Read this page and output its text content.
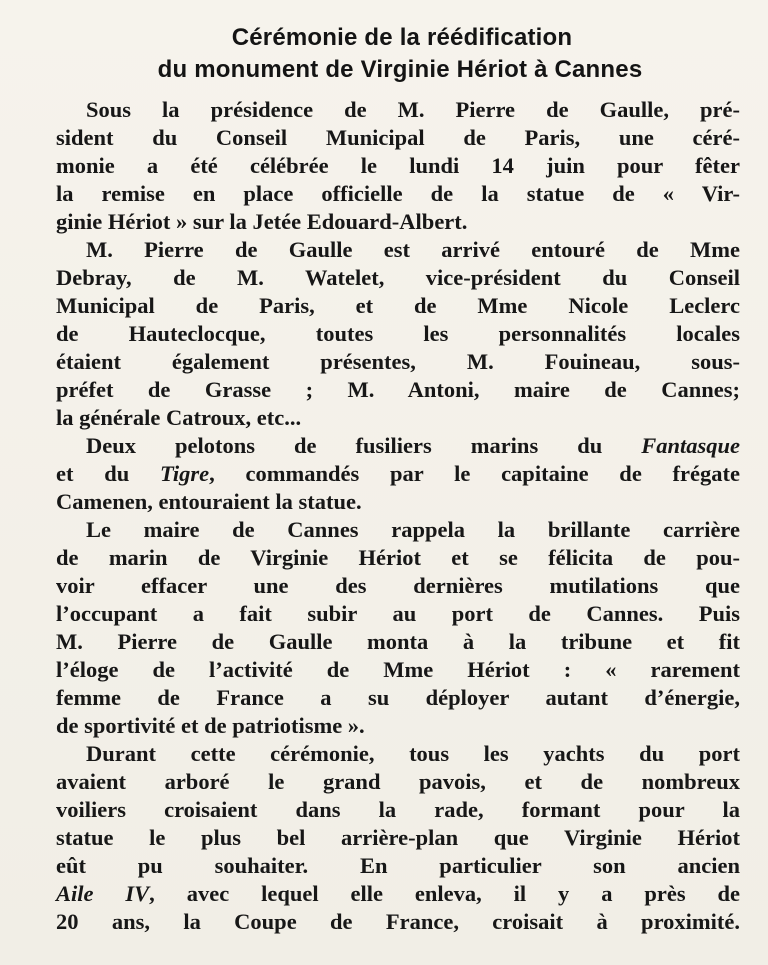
Cérémonie de la réédification
du monument de Virginie Hériot à Cannes
Sous la présidence de M. Pierre de Gaulle, pré-
sident du Conseil Municipal de Paris, une céré-
monie a été célébrée le lundi 14 juin pour fêter
la remise en place officielle de la statue de « Vir-
ginie Hériot » sur la Jetée Edouard-Albert.
M. Pierre de Gaulle est arrivé entouré de Mme
Debray, de M. Watelet, vice-président du Conseil
Municipal de Paris, et de Mme Nicole Leclerc
de Hauteclocque, toutes les personnalités locales
étaient également présentes, M. Fouineau, sous-
préfet de Grasse ; M. Antoni, maire de Cannes;
la générale Catroux, etc...
Deux pelotons de fusiliers marins du Fantasque
et du Tigre, commandés par le capitaine de frégate
Camenen, entouraient la statue.
Le maire de Cannes rappela la brillante carrière
de marin de Virginie Hériot et se félicita de pou-
voir effacer une des dernières mutilations que
l’occupant a fait subir au port de Cannes. Puis
M. Pierre de Gaulle monta à la tribune et fit
l’éloge de l’activité de Mme Hériot : « rarement
femme de France a su déployer autant d’énergie,
de sportivité et de patriotisme ».
Durant cette cérémonie, tous les yachts du port
avaient arboré le grand pavois, et de nombreux
voiliers croisaient dans la rade, formant pour la
statue le plus bel arrière-plan que Virginie Hériot
eût pu souhaiter. En particulier son ancien
Aile IV, avec lequel elle enleva, il y a près de
20 ans, la Coupe de France, croisait à proximité.
